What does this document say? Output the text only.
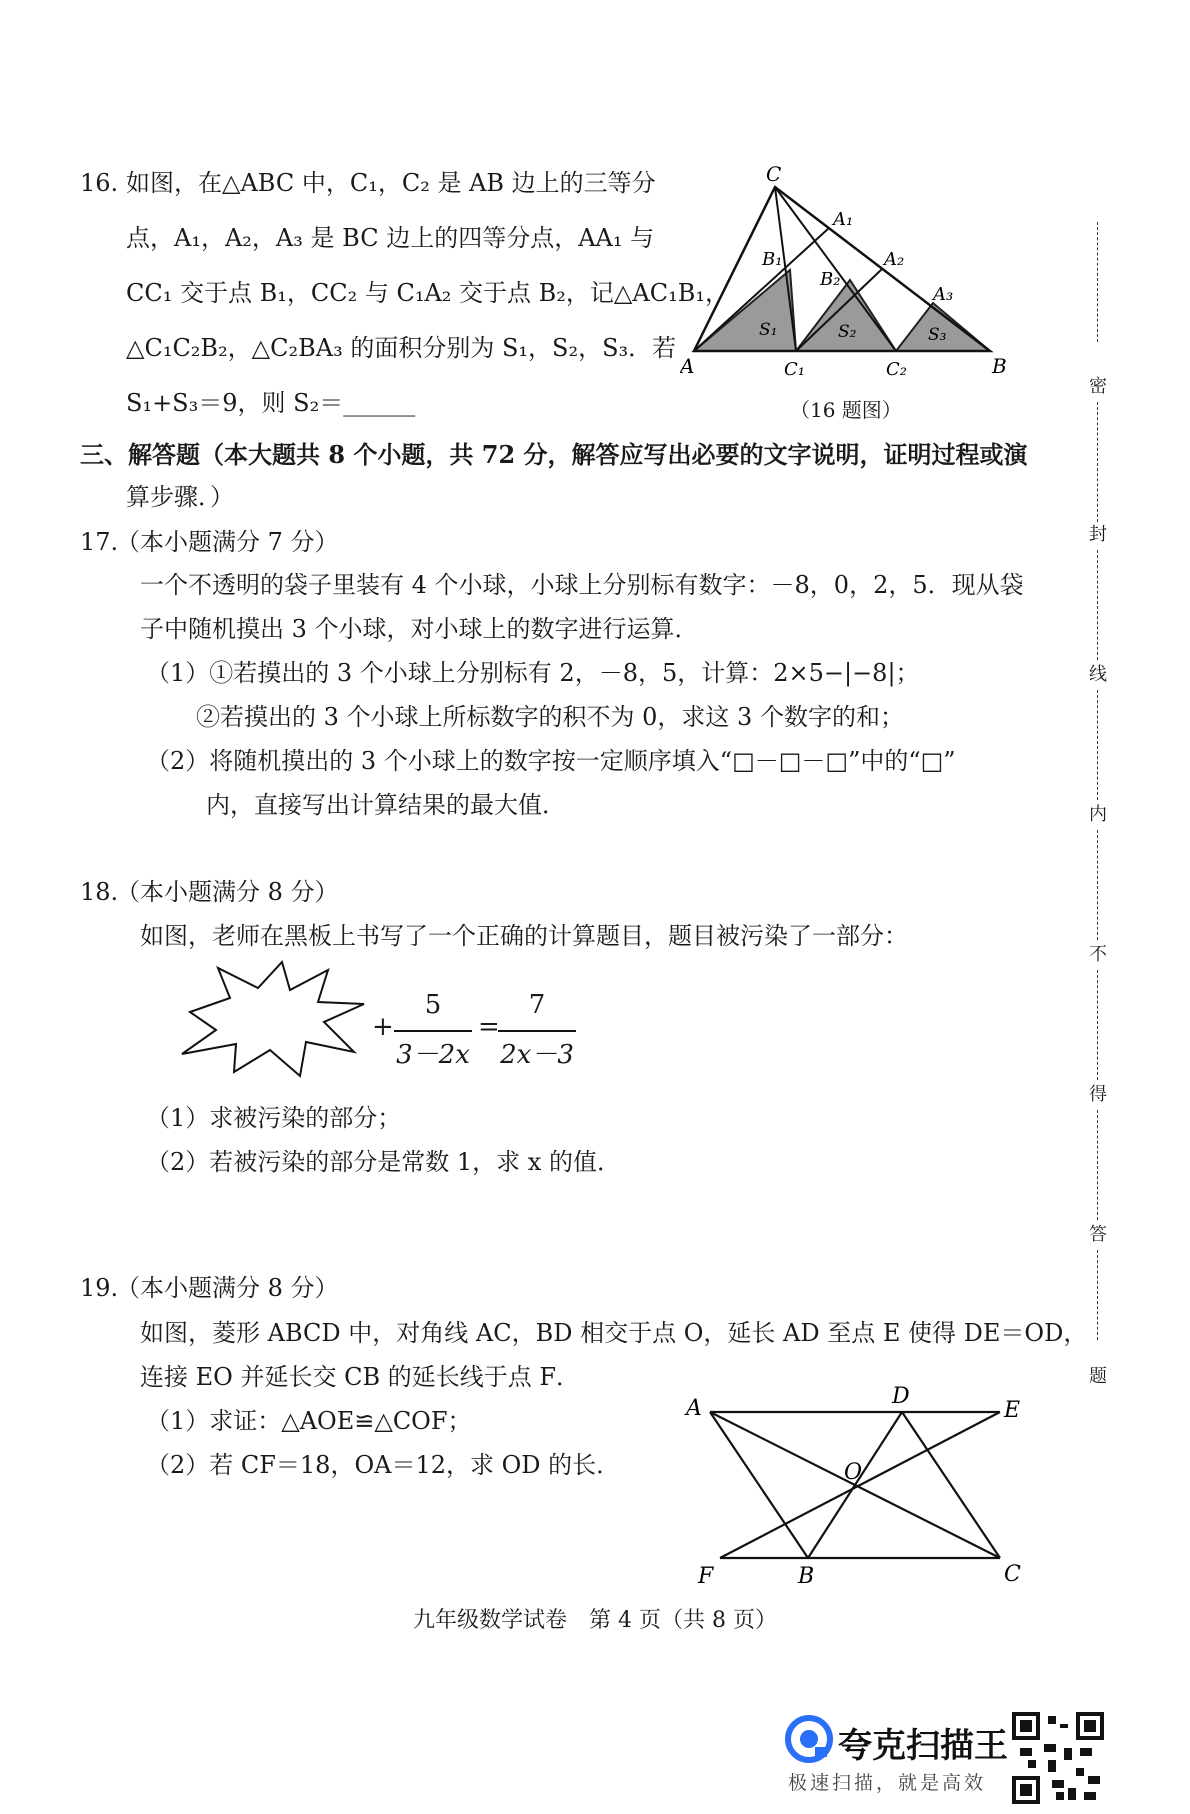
16. 如图，在△ABC 中，C₁，C₂ 是 AB 边上的三等分
点，A₁，A₂，A₃ 是 BC 边上的四等分点，AA₁ 与
CC₁ 交于点 B₁，CC₂ 与 C₁A₂ 交于点 B₂，记△AC₁B₁，
△C₁C₂B₂，△C₂BA₃ 的面积分别为 S₁，S₂，S₃．若
S₁+S₃＝9，则 S₂＝______
C
A	B
A₁
A₂
A₃
B₁
B₂
C₁	C₂
S₁	S₂	S₃
（16 题图）
三、解答题（本大题共 8 个小题，共 72 分，解答应写出必要的文字说明，证明过程或演
算步骤．）
17.
（本小题满分 7 分）
一个不透明的袋子里装有 4 个小球，小球上分别标有数字：－8，0，2，5．现从袋
子中随机摸出 3 个小球，对小球上的数字进行运算．
（1）①若摸出的 3 个小球上分别标有 2，－8，5，计算：2×5−|−8|；
②若摸出的 3 个小球上所标数字的积不为 0，求这 3 个数字的和；
（2）将随机摸出的 3 个小球上的数字按一定顺序填入“□－□－□”中的“□”
内，直接写出计算结果的最大值．
18.
（本小题满分 8 分）
如图，老师在黑板上书写了一个正确的计算题目，题目被污染了一部分：
+
5
3－2x
=
7
2x－3
（1）求被污染的部分；
（2）若被污染的部分是常数 1，求 x 的值．
19.
（本小题满分 8 分）
如图，菱形 ABCD 中，对角线 AC，BD 相交于点 O，延长 AD 至点 E 使得 DE＝OD，
连接 EO 并延长交 CB 的延长线于点 F．
（1）求证：△AOE≌△COF；
（2）若 CF＝18，OA＝12，求 OD 的长．
A	D
E
O
F	B	C
密
封
线
内
不
得
答
题
九年级数学试卷　第 4 页（共 8 页）
夸克扫描王
极速扫描，就是高效
